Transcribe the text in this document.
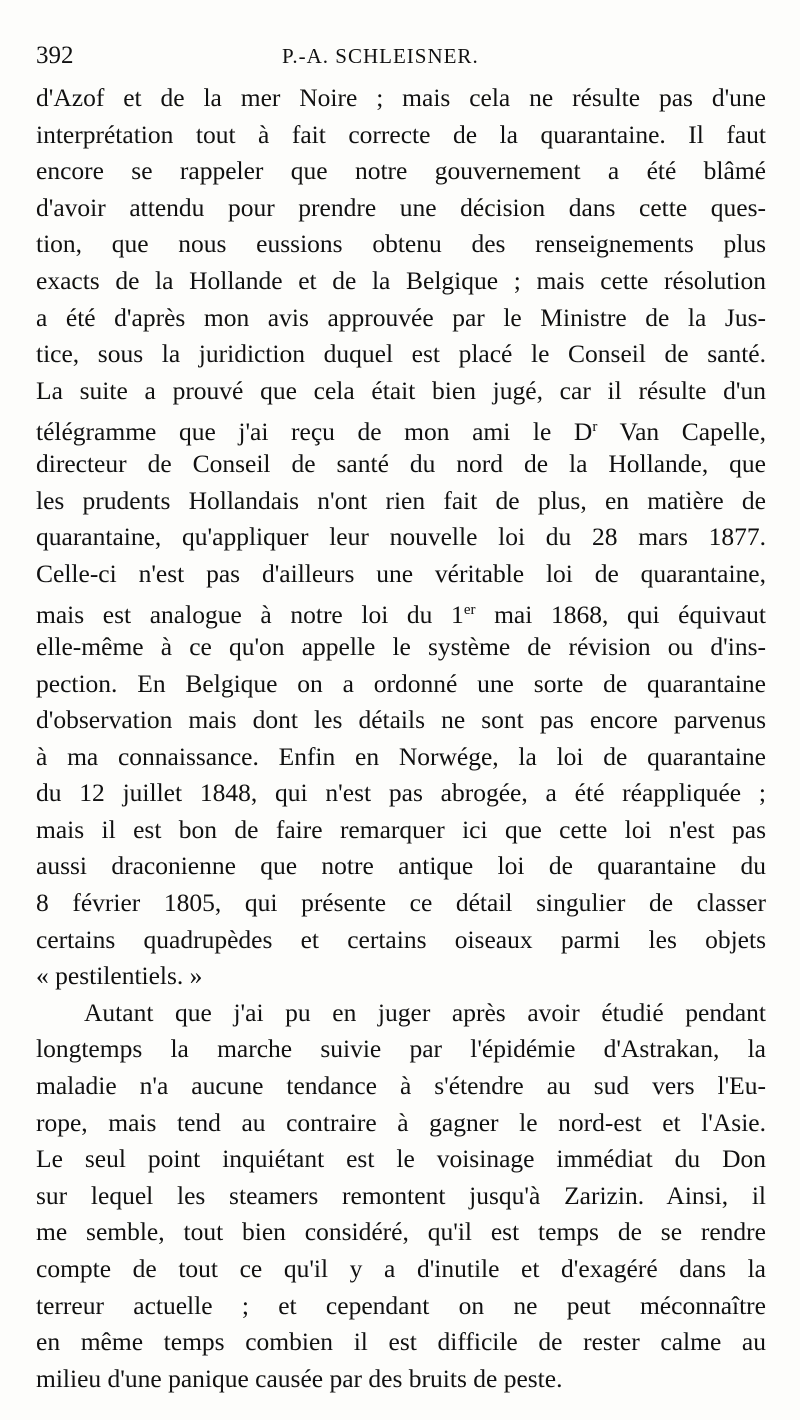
392	P.-A. SCHLEISNER.
d'Azof et de la mer Noire ; mais cela ne résulte pas d'une
interprétation tout à fait correcte de la quarantaine. Il faut
encore se rappeler que notre gouvernement a été blâmé
d'avoir attendu pour prendre une décision dans cette ques-
tion, que nous eussions obtenu des renseignements plus
exacts de la Hollande et de la Belgique ; mais cette résolution
a été d'après mon avis approuvée par le Ministre de la Jus-
tice, sous la juridiction duquel est placé le Conseil de santé.
La suite a prouvé que cela était bien jugé, car il résulte d'un
télégramme que j'ai reçu de mon ami le $D^r$ Van Capelle,
directeur de Conseil de santé du nord de la Hollande, que
les prudents Hollandais n'ont rien fait de plus, en matière de
quarantaine, qu'appliquer leur nouvelle loi du 28 mars 1877.
Celle-ci n'est pas d'ailleurs une véritable loi de quarantaine,
mais est analogue à notre loi du 1er mai 1868, qui équivaut
elle-même à ce qu'on appelle le système de révision ou d'ins-
pection. En Belgique on a ordonné une sorte de quarantaine
d'observation mais dont les détails ne sont pas encore parvenus
à ma connaissance. Enfin en Norwége, la loi de quarantaine
du 12 juillet 1848, qui n'est pas abrogée, a été réappliquée ;
mais il est bon de faire remarquer ici que cette loi n'est pas
aussi draconienne que notre antique loi de quarantaine du
8 février 1805, qui présente ce détail singulier de classer
certains quadrupèdes et certains oiseaux parmi les objets
« pestilentiels. »
Autant que j'ai pu en juger après avoir étudié pendant
longtemps la marche suivie par l'épidémie d'Astrakan, la
maladie n'a aucune tendance à s'étendre au sud vers l'Eu-
rope, mais tend au contraire à gagner le nord-est et l'Asie.
Le seul point inquiétant est le voisinage immédiat du Don
sur lequel les steamers remontent jusqu'à Zarizin. Ainsi, il
me semble, tout bien considéré, qu'il est temps de se rendre
compte de tout ce qu'il y a d'inutile et d'exagéré dans la
terreur actuelle ; et cependant on ne peut méconnaître
en même temps combien il est difficile de rester calme au
milieu d'une panique causée par des bruits de peste.
